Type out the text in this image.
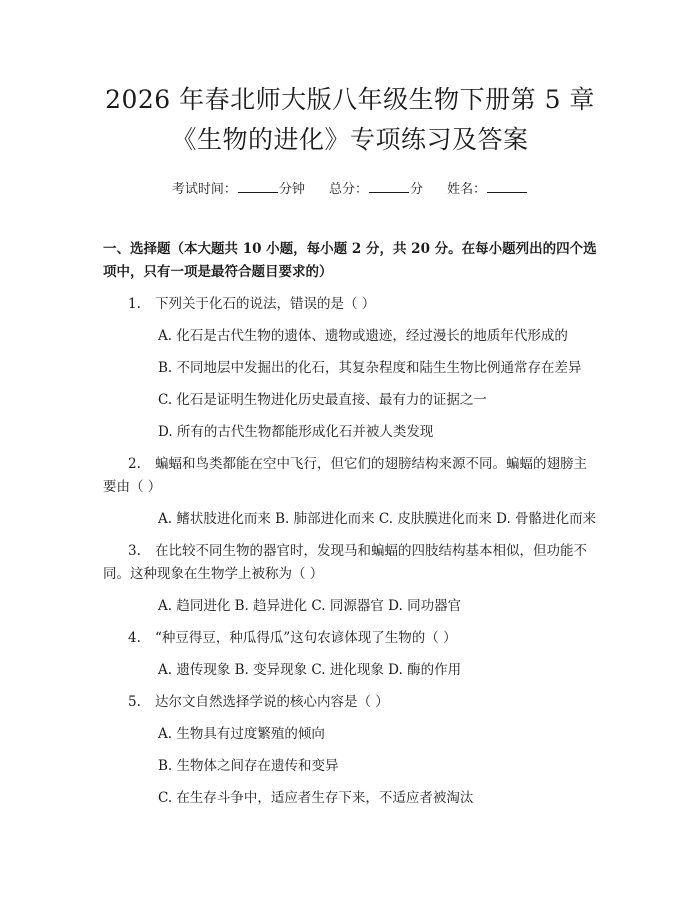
2026 年春北师大版八年级生物下册第 5 章
《生物的进化》专项练习及答案
考试时间：	分钟 总分：	分 姓名：
一、选择题（本大题共 10 小题，每小题 2 分，共 20 分。在每小题列出的四个选项中，只有一项是最符合题目要求的）
1. 下列关于化石的说法，错误的是（ ）
A. 化石是古代生物的遗体、遗物或遗迹，经过漫长的地质年代形成的
B. 不同地层中发掘出的化石，其复杂程度和陆生生物比例通常存在差异
C. 化石是证明生物进化历史最直接、最有力的证据之一
D. 所有的古代生物都能形成化石并被人类发现
2. 蝙蝠和鸟类都能在空中飞行，但它们的翅膀结构来源不同。蝙蝠的翅膀主要由（ ）
A. 鳍状肢进化而来 B. 肺部进化而来 C. 皮肤膜进化而来 D. 骨骼进化而来
3. 在比较不同生物的器官时，发现马和蝙蝠的四肢结构基本相似，但功能不同。这种现象在生物学上被称为（ ）
A. 趋同进化 B. 趋异进化 C. 同源器官 D. 同功器官
4. “种豆得豆，种瓜得瓜”这句农谚体现了生物的（ ）
A. 遗传现象 B. 变异现象 C. 进化现象 D. 酶的作用
5. 达尔文自然选择学说的核心内容是（ ）
A. 生物具有过度繁殖的倾向
B. 生物体之间存在遗传和变异
C. 在生存斗争中，适应者生存下来，不适应者被淘汰
